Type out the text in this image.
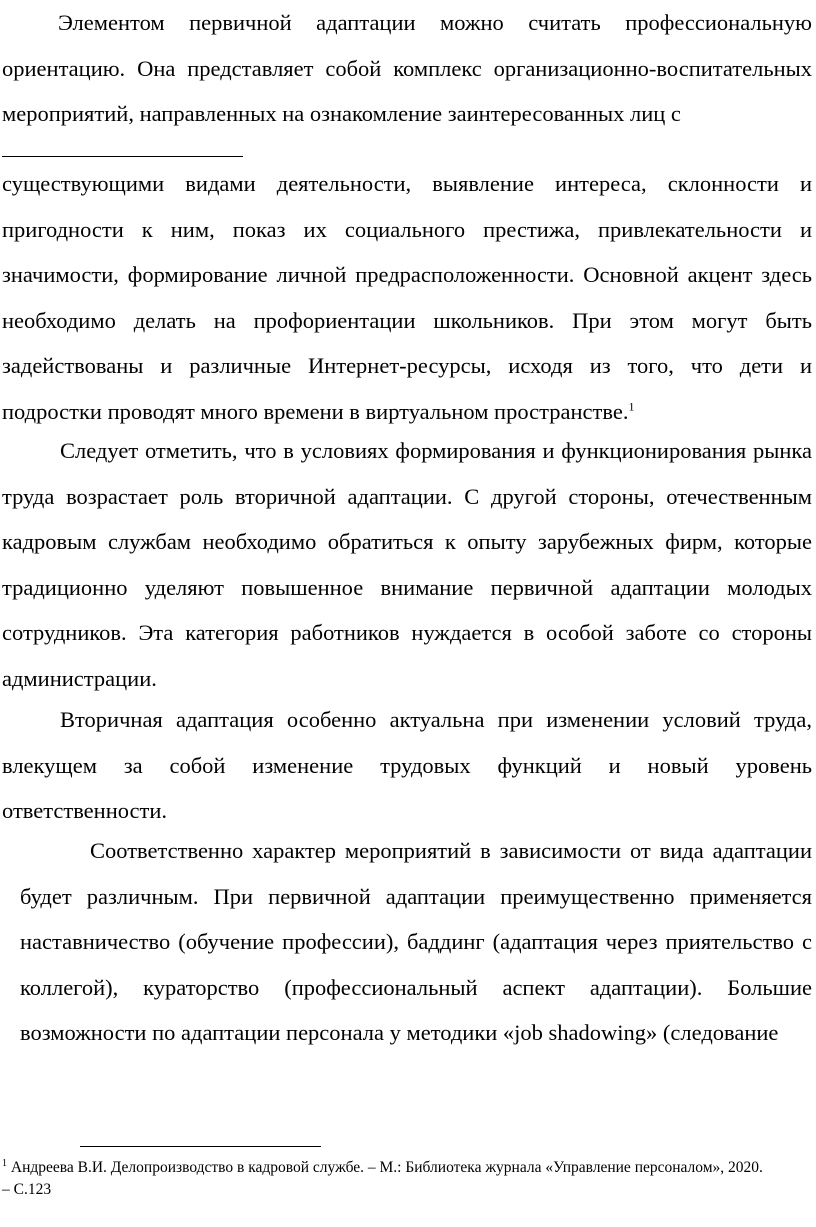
Элементом первичной адаптации можно считать профессиональную ориентацию. Она представляет собой комплекс организационно-воспитательных мероприятий, направленных на ознакомление заинтересованных лиц с

существующими видами деятельности, выявление интереса, склонности и пригодности к ним, показ их социального престижа, привлекательности и значимости, формирование личной предрасположенности. Основной акцент здесь необходимо делать на профориентации школьников. При этом могут быть задействованы и различные Интернет-ресурсы, исходя из того, что дети и подростки проводят много времени в виртуальном пространстве.$^1$

Следует отметить, что в условиях формирования и функционирования рынка труда возрастает роль вторичной адаптации. С другой стороны, отечественным кадровым службам необходимо обратиться к опыту зарубежных фирм, которые традиционно уделяют повышенное внимание первичной адаптации молодых сотрудников. Эта категория работников нуждается в особой заботе со стороны администрации.

Вторичная адаптация особенно актуальна при изменении условий труда, влекущем за собой изменение трудовых функций и новый уровень ответственности.

Соответственно характер мероприятий в зависимости от вида адаптации будет различным. При первичной адаптации преимущественно применяется наставничество (обучение профессии), баддинг (адаптация через приятельство с коллегой), кураторство (профессиональный аспект адаптации). Большие возможности по адаптации персонала у методики «job shadowing» (следование

$^1$ Андреева В.И. Делопроизводство в кадровой службе. – М.: Библиотека журнала «Управление персоналом», 2020.
– С.123
